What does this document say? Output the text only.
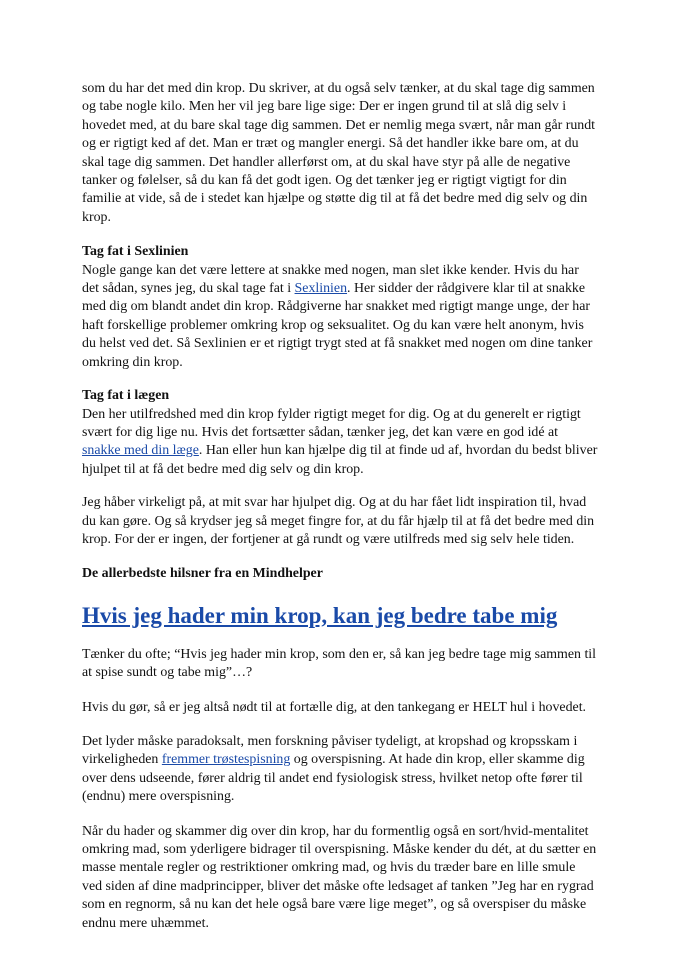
som du har det med din krop. Du skriver, at du også selv tænker, at du skal tage dig sammen og tabe nogle kilo. Men her vil jeg bare lige sige: Der er ingen grund til at slå dig selv i hovedet med, at du bare skal tage dig sammen. Det er nemlig mega svært, når man går rundt og er rigtigt ked af det. Man er træt og mangler energi. Så det handler ikke bare om, at du skal tage dig sammen. Det handler allerførst om, at du skal have styr på alle de negative tanker og følelser, så du kan få det godt igen. Og det tænker jeg er rigtigt vigtigt for din familie at vide, så de i stedet kan hjælpe og støtte dig til at få det bedre med dig selv og din krop.

Tag fat i Sexlinien

Nogle gange kan det være lettere at snakke med nogen, man slet ikke kender. Hvis du har det sådan, synes jeg, du skal tage fat i Sexlinien. Her sidder der rådgivere klar til at snakke med dig om blandt andet din krop. Rådgiverne har snakket med rigtigt mange unge, der har haft forskellige problemer omkring krop og seksualitet. Og du kan være helt anonym, hvis du helst ved det. Så Sexlinien er et rigtigt trygt sted at få snakket med nogen om dine tanker omkring din krop.

Tag fat i lægen

Den her utilfredshed med din krop fylder rigtigt meget for dig. Og at du generelt er rigtigt svært for dig lige nu. Hvis det fortsætter sådan, tænker jeg, det kan være en god idé at snakke med din læge. Han eller hun kan hjælpe dig til at finde ud af, hvordan du bedst bliver hjulpet til at få det bedre med dig selv og din krop.

Jeg håber virkeligt på, at mit svar har hjulpet dig. Og at du har fået lidt inspiration til, hvad du kan gøre. Og så krydser jeg så meget fingre for, at du får hjælp til at få det bedre med din krop. For der er ingen, der fortjener at gå rundt og være utilfreds med sig selv hele tiden.

De allerbedste hilsner fra en Mindhelper

Hvis jeg hader min krop, kan jeg bedre tabe mig

Tænker du ofte; “Hvis jeg hader min krop, som den er, så kan jeg bedre tage mig sammen til at spise sundt og tabe mig”…?

Hvis du gør, så er jeg altså nødt til at fortælle dig, at den tankegang er HELT hul i hovedet.

Det lyder måske paradoksalt, men forskning påviser tydeligt, at kropshad og kropsskam i virkeligheden fremmer trøstespisning og overspisning. At hade din krop, eller skamme dig over dens udseende, fører aldrig til andet end fysiologisk stress, hvilket netop ofte fører til (endnu) mere overspisning.

Når du hader og skammer dig over din krop, har du formentlig også en sort/hvid-mentalitet omkring mad, som yderligere bidrager til overspisning. Måske kender du dét, at du sætter en masse mentale regler og restriktioner omkring mad, og hvis du træder bare en lille smule ved siden af dine madprincipper, bliver det måske ofte ledsaget af tanken ”Jeg har en rygrad som en regnorm, så nu kan det hele også bare være lige meget”, og så overspiser du måske endnu mere uhæmmet.
